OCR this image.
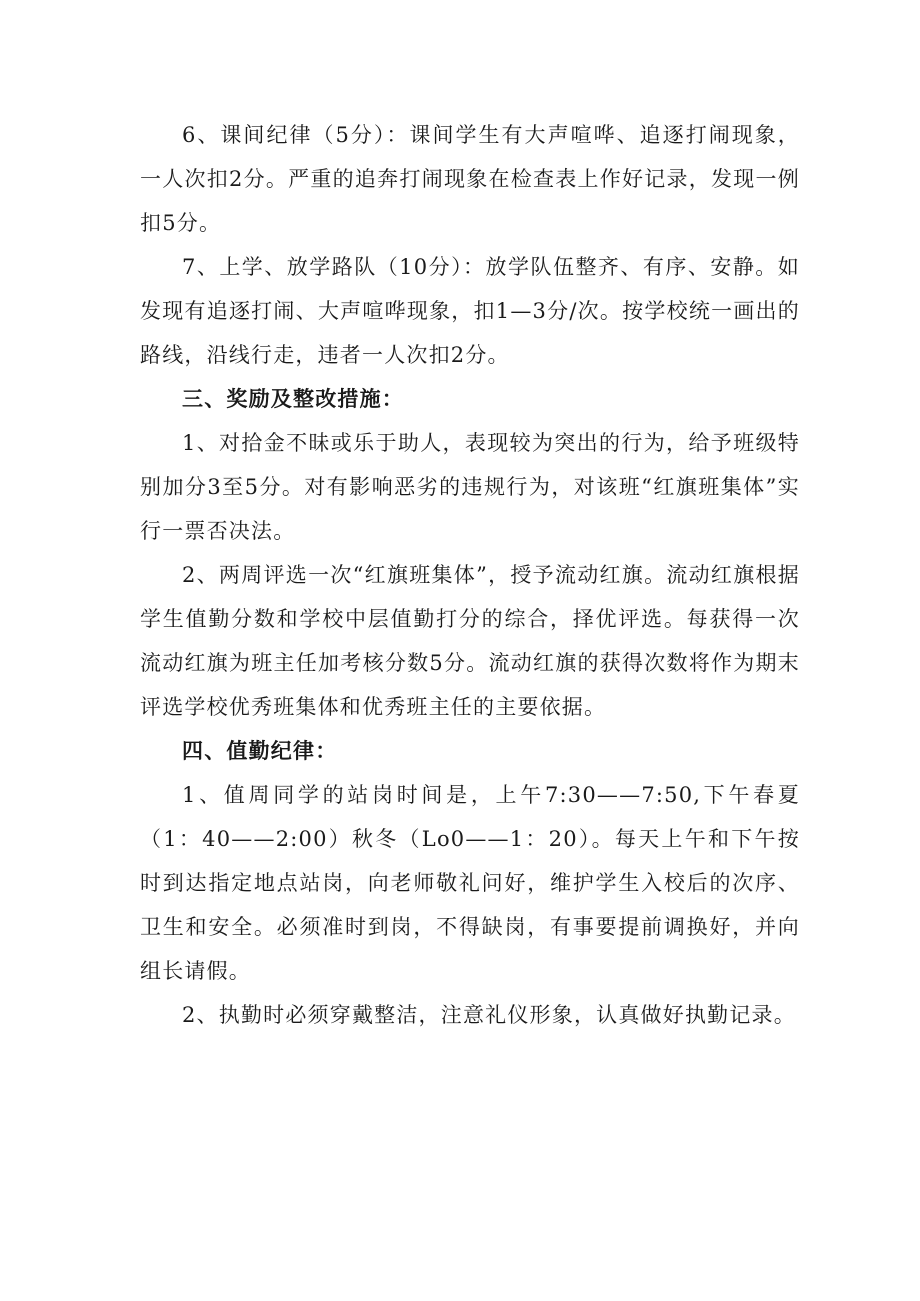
6、课间纪律（5分）：课间学生有大声喧哗、追逐打闹现象，一人次扣2分。严重的追奔打闹现象在检查表上作好记录，发现一例扣5分。

7、上学、放学路队（10分）：放学队伍整齐、有序、安静。如发现有追逐打闹、大声喧哗现象，扣1—3分/次。按学校统一画出的路线，沿线行走，违者一人次扣2分。

三、奖励及整改措施：

1、对拾金不昧或乐于助人，表现较为突出的行为，给予班级特别加分3至5分。对有影响恶劣的违规行为，对该班“红旗班集体”实行一票否决法。

2、两周评选一次“红旗班集体”，授予流动红旗。流动红旗根据学生值勤分数和学校中层值勤打分的综合，择优评选。每获得一次流动红旗为班主任加考核分数5分。流动红旗的获得次数将作为期末评选学校优秀班集体和优秀班主任的主要依据。

四、值勤纪律：

1、值周同学的站岗时间是，上午7:30——7:50,下午春夏（1：40——2:00）秋冬（Lo0——1：20）。每天上午和下午按时到达指定地点站岗，向老师敬礼问好，维护学生入校后的次序、卫生和安全。必须准时到岗，不得缺岗，有事要提前调换好，并向组长请假。

2、执勤时必须穿戴整洁，注意礼仪形象，认真做好执勤记录。
